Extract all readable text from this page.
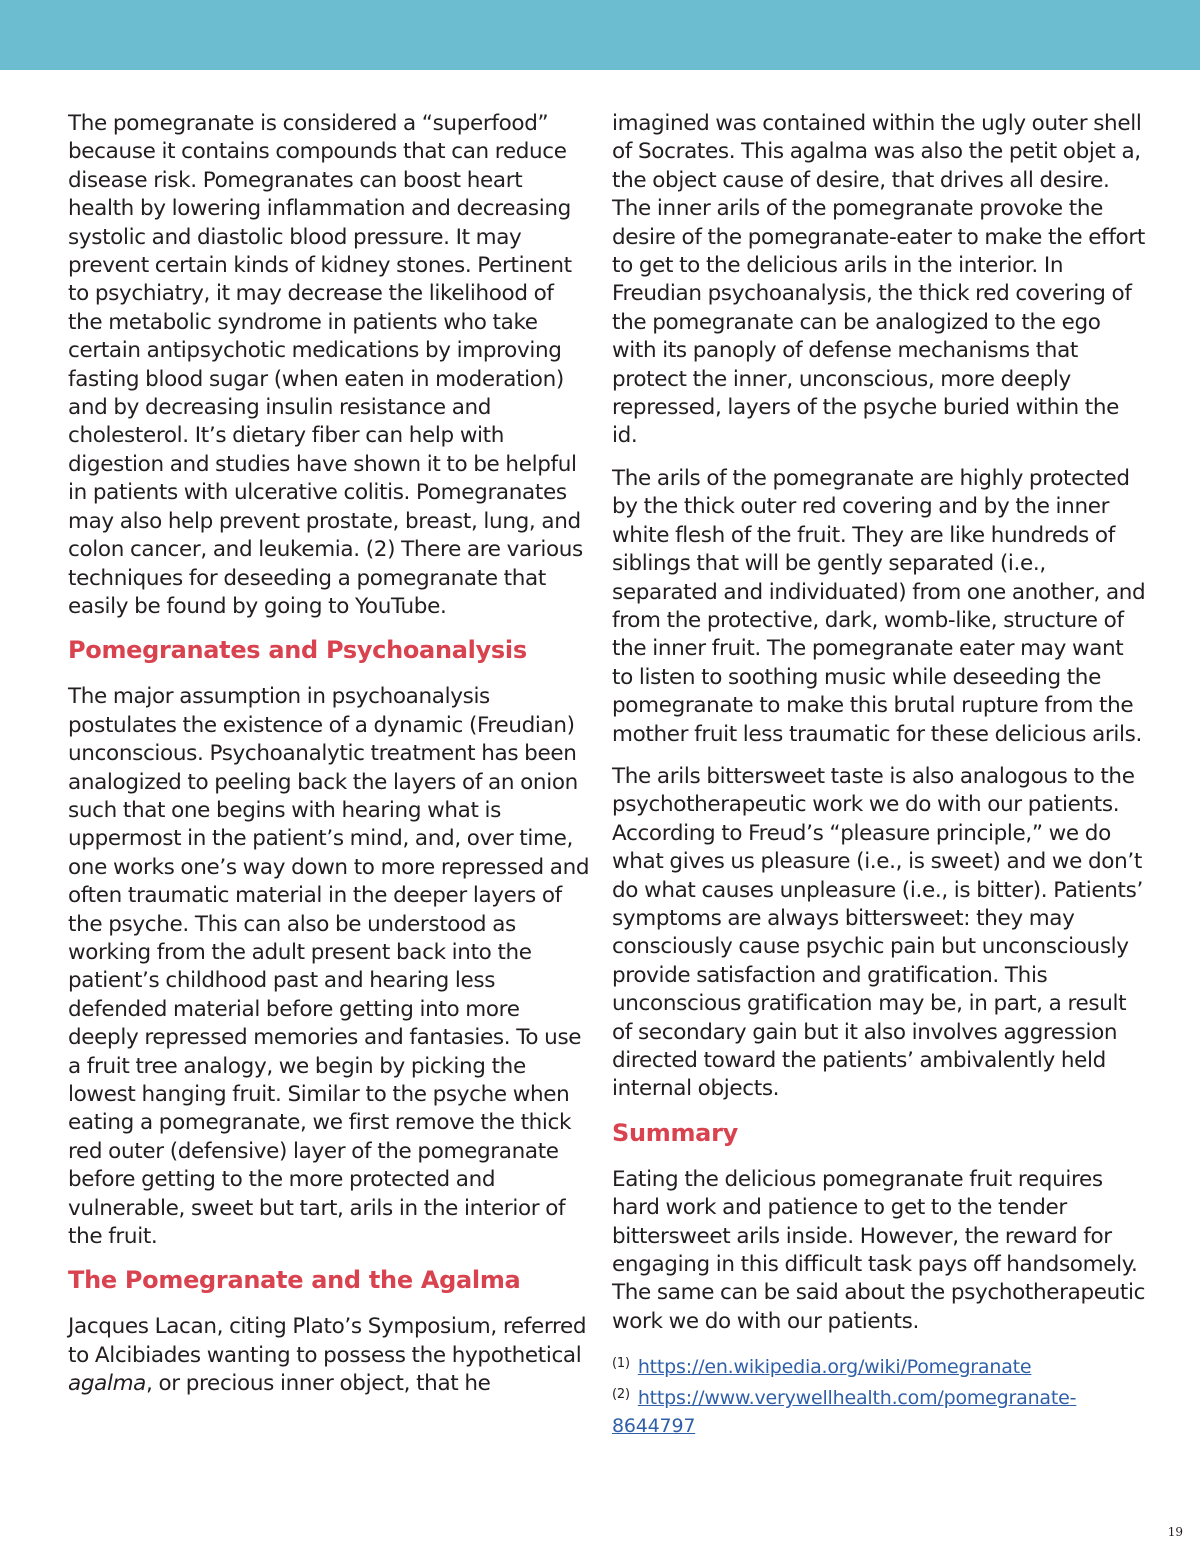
The pomegranate is considered a “superfood” because it contains compounds that can reduce disease risk. Pomegranates can boost heart health by lowering inflammation and decreasing systolic and diastolic blood pressure. It may prevent certain kinds of kidney stones. Pertinent to psychiatry, it may decrease the likelihood of the metabolic syndrome in patients who take certain antipsychotic medications by improving fasting blood sugar (when eaten in moderation) and by decreasing insulin resistance and cholesterol. It’s dietary fiber can help with digestion and studies have shown it to be helpful in patients with ulcerative colitis. Pomegranates may also help prevent prostate, breast, lung, and colon cancer, and leukemia. (2) There are various techniques for deseeding a pomegranate that easily be found by going to YouTube.

Pomegranates and Psychoanalysis

The major assumption in psychoanalysis postulates the existence of a dynamic (Freudian) unconscious. Psychoanalytic treatment has been analogized to peeling back the layers of an onion such that one begins with hearing what is uppermost in the patient’s mind, and, over time, one works one’s way down to more repressed and often traumatic material in the deeper layers of the psyche. This can also be understood as working from the adult present back into the patient’s childhood past and hearing less defended material before getting into more deeply repressed memories and fantasies. To use a fruit tree analogy, we begin by picking the lowest hanging fruit. Similar to the psyche when eating a pomegranate, we first remove the thick red outer (defensive) layer of the pomegranate before getting to the more protected and vulnerable, sweet but tart, arils in the interior of the fruit.

The Pomegranate and the Agalma

Jacques Lacan, citing Plato’s Symposium, referred to Alcibiades wanting to possess the hypothetical agalma, or precious inner object, that he

imagined was contained within the ugly outer shell of Socrates. This agalma was also the petit objet a, the object cause of desire, that drives all desire. The inner arils of the pomegranate provoke the desire of the pomegranate-eater to make the effort to get to the delicious arils in the interior. In Freudian psychoanalysis, the thick red covering of the pomegranate can be analogized to the ego with its panoply of defense mechanisms that protect the inner, unconscious, more deeply repressed, layers of the psyche buried within the id.

The arils of the pomegranate are highly protected by the thick outer red covering and by the inner white flesh of the fruit. They are like hundreds of siblings that will be gently separated (i.e., separated and individuated) from one another, and from the protective, dark, womb-like, structure of the inner fruit. The pomegranate eater may want to listen to soothing music while deseeding the pomegranate to make this brutal rupture from the mother fruit less traumatic for these delicious arils.

The arils bittersweet taste is also analogous to the psychotherapeutic work we do with our patients. According to Freud’s “pleasure principle,” we do what gives us pleasure (i.e., is sweet) and we don’t do what causes unpleasure (i.e., is bitter). Patients’ symptoms are always bittersweet: they may consciously cause psychic pain but unconsciously provide satisfaction and gratification. This unconscious gratification may be, in part, a result of secondary gain but it also involves aggression directed toward the patients’ ambivalently held internal objects.

Summary

Eating the delicious pomegranate fruit requires hard work and patience to get to the tender bittersweet arils inside. However, the reward for engaging in this difficult task pays off handsomely. The same can be said about the psychotherapeutic work we do with our patients.

$^{(1)}$ https://en.wikipedia.org/wiki/Pomegranate
$^{(2)}$ https://www.verywellhealth.com/pomegranate-8644797
19
